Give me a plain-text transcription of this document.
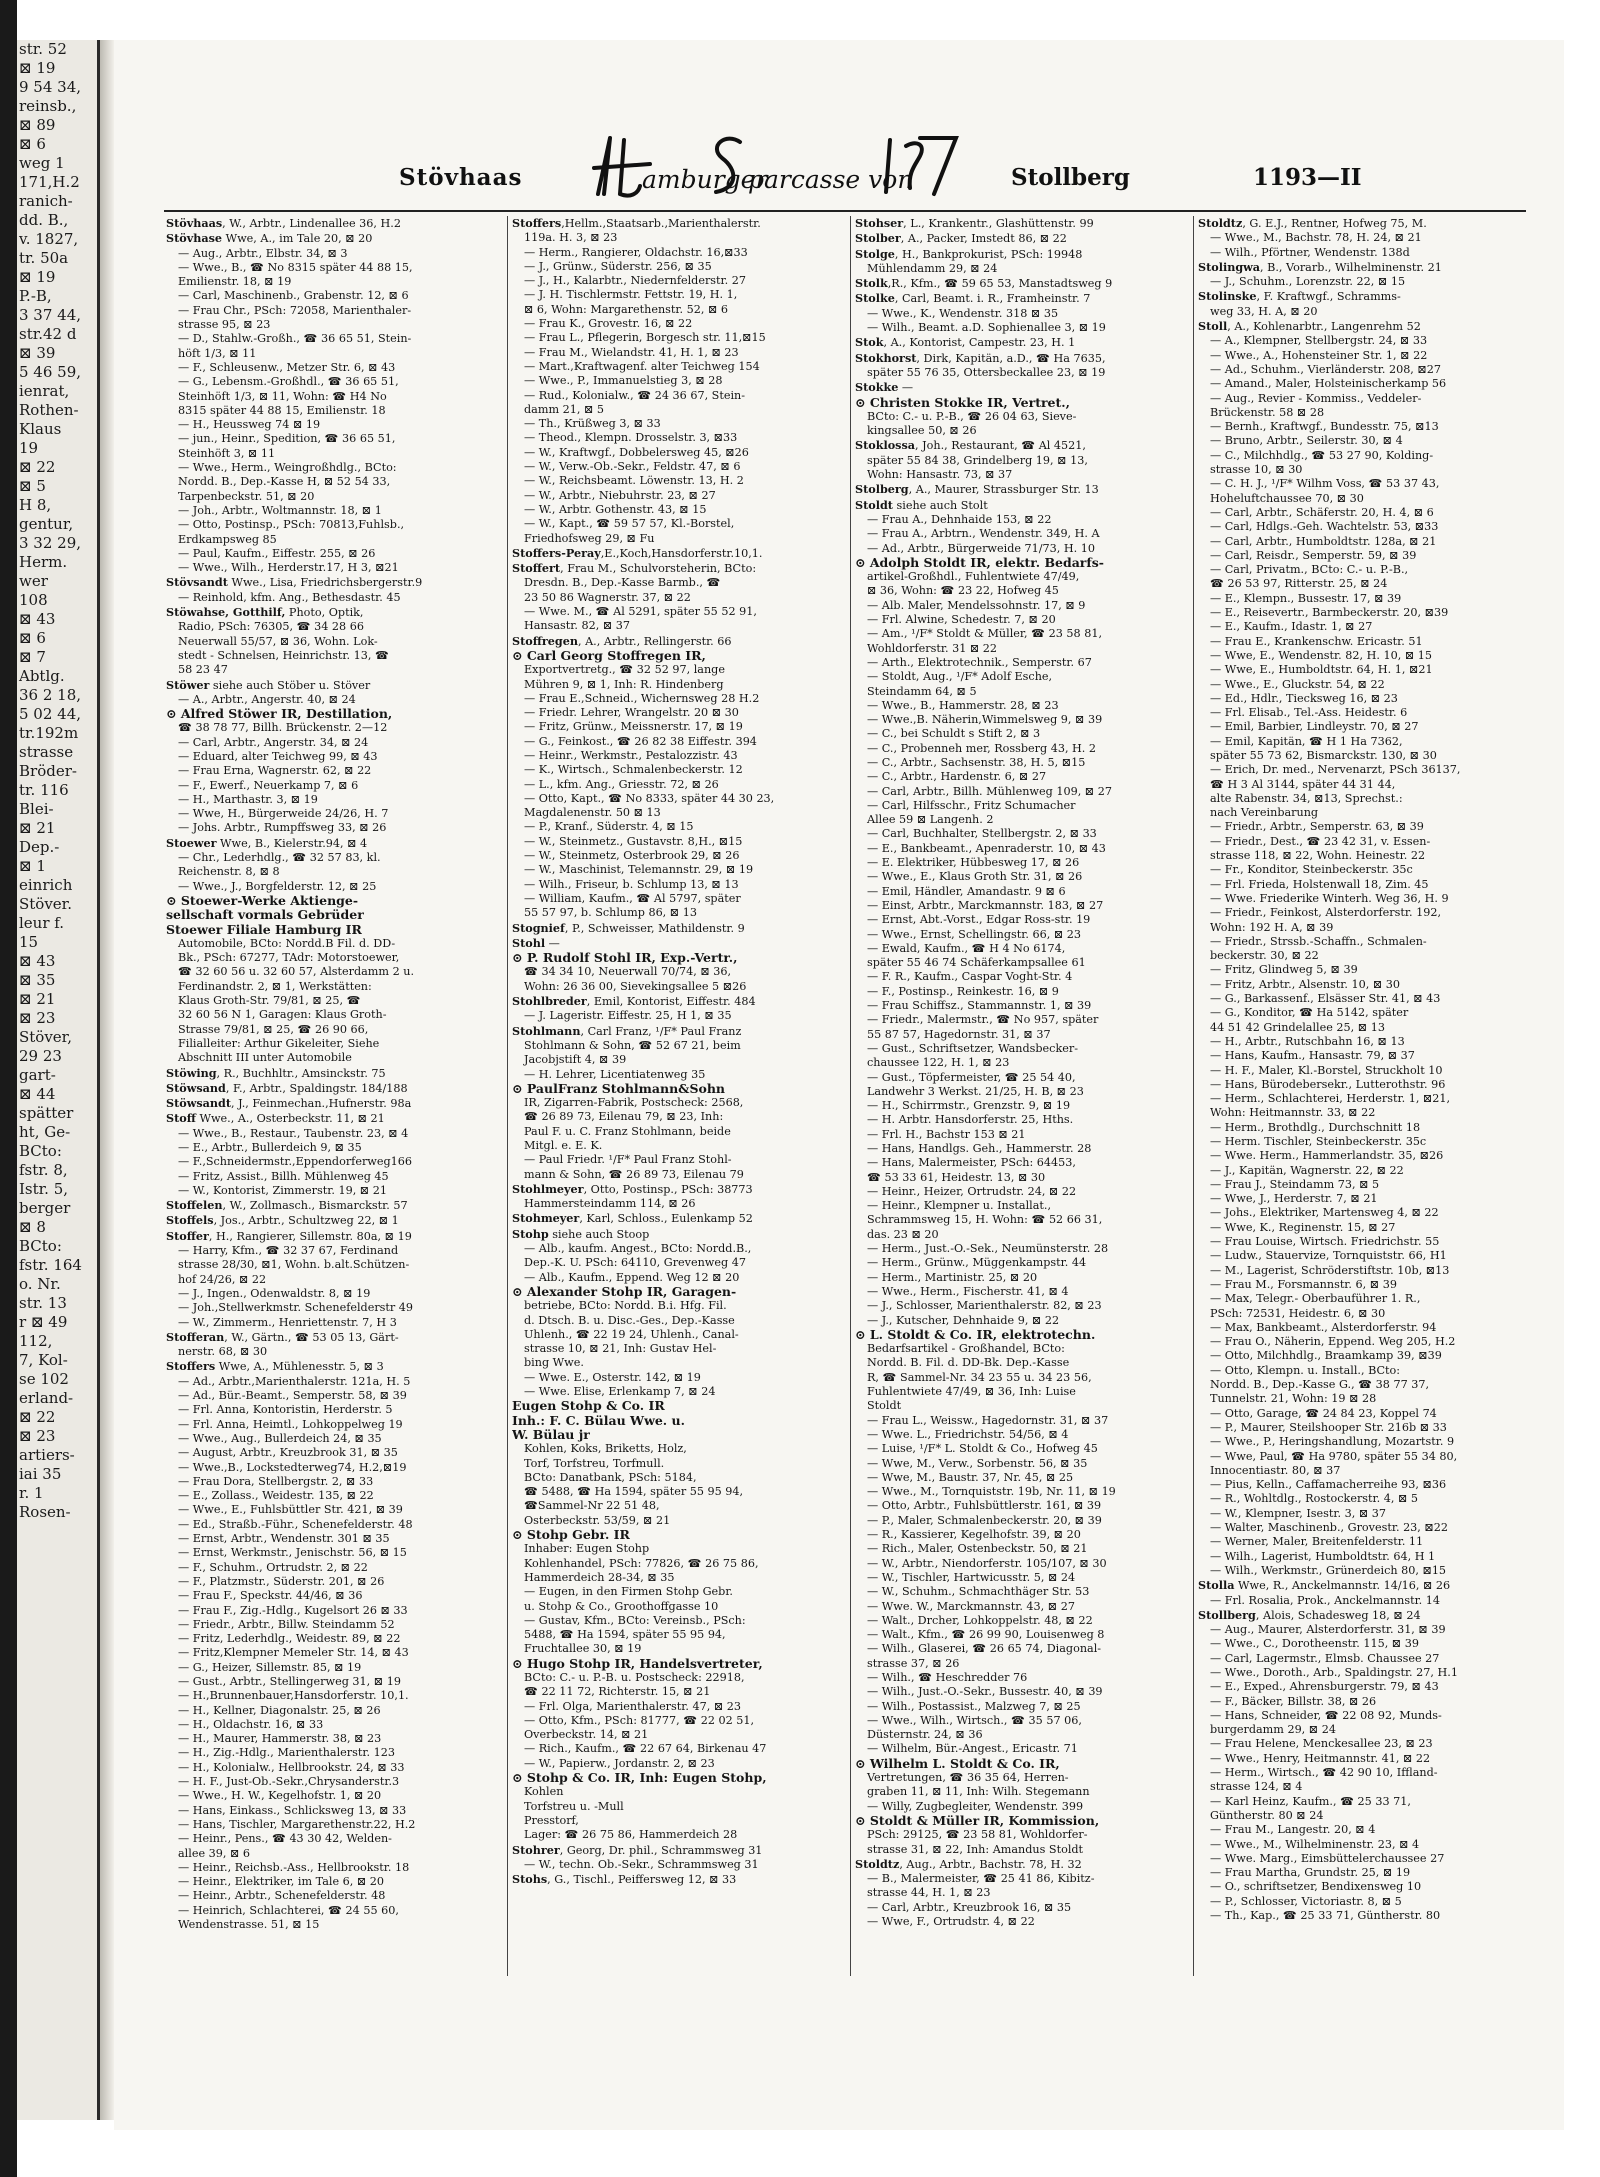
str. 52
⊠ 19
9 54 34,
reinsb.,
⊠ 89
⊠ 6
weg 1
171,H.2
ranich-
dd. B.,
v. 1827,
tr. 50a
⊠ 19
P.-B,
3 37 44,
str.42 d
⊠ 39
5 46 59,
ienrat,
Rothen-
Klaus
19
⊠ 22
⊠ 5
H 8,
gentur,
3 32 29,
Herm.
wer
108
⊠ 43
⊠ 6
⊠ 7
Abtlg.
36 2 18,
5 02 44,
tr.192m
strasse
Bröder-
tr. 116
Blei-
⊠ 21
Dep.-
⊠ 1
einrich
Stöver.
leur f.
15
⊠ 43
⊠ 35
⊠ 21
⊠ 23
Stöver,
29 23
gart-
⊠ 44
spätter
ht, Ge-
BCto:
fstr. 8,
Istr. 5,
berger
⊠ 8
BCto:
fstr. 164
o. Nr.
str. 13
r ⊠ 49
112,
7, Kol-
se 102
erland-
⊠ 22
⊠ 23
artiers-
iai 35
r. 1
Rosen-
Stövhaas	amburger
parcasse von	Stollberg	1193—II
Stövhaas, W., Arbtr., Lindenallee 36, H.2
Stövhase Wwe, A., im Tale 20, ⊠ 20
— Aug., Arbtr., Elbstr. 34, ⊠ 3
— Wwe., B., ☎ No 8315 später 44 88 15,
Emilienstr. 18, ⊠ 19
— Carl, Maschinenb., Grabenstr. 12, ⊠ 6
— Frau Chr., PSch: 72058, Marienthaler-
strasse 95, ⊠ 23
— D., Stahlw.-Großh., ☎ 36 65 51, Stein-
höft 1/3, ⊠ 11
— F., Schleusenw., Metzer Str. 6, ⊠ 43
— G., Lebensm.-Großhdl., ☎ 36 65 51,
Steinhöft 1/3, ⊠ 11, Wohn: ☎ H4 No
8315 später 44 88 15, Emilienstr. 18
— H., Heussweg 74 ⊠ 19
— jun., Heinr., Spedition, ☎ 36 65 51,
Steinhöft 3, ⊠ 11
— Wwe., Herm., Weingroßhdlg., BCto:
Nordd. B., Dep.-Kasse H, ⊠ 52 54 33,
Tarpenbeckstr. 51, ⊠ 20
— Joh., Arbtr., Woltmannstr. 18, ⊠ 1
— Otto, Postinsp., PSch: 70813,Fuhlsb.,
Erdkampsweg 85
— Paul, Kaufm., Eiffestr. 255, ⊠ 26
— Wwe., Wilh., Herderstr.17, H 3, ⊠21
Stövsandt Wwe., Lisa, Friedrichsbergerstr.9
— Reinhold, kfm. Ang., Bethesdastr. 45
Stöwahse, Gotthilf, Photo, Optik,
Radio, PSch: 76305, ☎ 34 28 66
Neuerwall 55/57, ⊠ 36, Wohn. Lok-
stedt - Schnelsen, Heinrichstr. 13, ☎
58 23 47
Stöwer siehe auch Stöber u. Stöver
— A., Arbtr., Angerstr. 40, ⊠ 24
⊙ Alfred Stöwer IR, Destillation,
☎ 38 78 77, Billh. Brückenstr. 2—12
— Carl, Arbtr., Angerstr. 34, ⊠ 24
— Eduard, alter Teichweg 99, ⊠ 43
— Frau Erna, Wagnerstr. 62, ⊠ 22
— F., Ewerf., Neuerkamp 7, ⊠ 6
— H., Marthastr. 3, ⊠ 19
— Wwe, H., Bürgerweide 24/26, H. 7
— Johs. Arbtr., Rumpffsweg 33, ⊠ 26
Stoewer Wwe, B., Kielerstr.94, ⊠ 4
— Chr., Lederhdlg., ☎ 32 57 83, kl.
Reichenstr. 8, ⊠ 8
— Wwe., J., Borgfelderstr. 12, ⊠ 25
⊙ Stoewer-Werke Aktienge-
sellschaft vormals Gebrüder
Stoewer Filiale Hamburg IR
Automobile, BCto: Nordd.B Fil. d. DD-
Bk., PSch: 67277, TAdr: Motorstoewer,
☎ 32 60 56 u. 32 60 57, Alsterdamm 2 u.
Ferdinandstr. 2, ⊠ 1, Werkstätten:
Klaus Groth-Str. 79/81, ⊠ 25, ☎
32 60 56 N 1, Garagen: Klaus Groth-
Strasse 79/81, ⊠ 25, ☎ 26 90 66,
Filialleiter: Arthur Gikeleiter, Siehe
Abschnitt III unter Automobile
Stöwing, R., Buchhltr., Amsinckstr. 75
Stöwsand, F., Arbtr., Spaldingstr. 184/188
Stöwsandt, J., Feinmechan.,Hufnerstr. 98a
Stoff Wwe., A., Osterbeckstr. 11, ⊠ 21
— Wwe., B., Restaur., Taubenstr. 23, ⊠ 4
— E., Arbtr., Bullerdeich 9, ⊠ 35
— F.,Schneidermstr.,Eppendorferweg166
— Fritz, Assist., Billh. Mühlenweg 45
— W., Kontorist, Zimmerstr. 19, ⊠ 21
Stoffelen, W., Zollmasch., Bismarckstr. 57
Stoffels, Jos., Arbtr., Schultzweg 22, ⊠ 1
Stoffer, H., Rangierer, Sillemstr. 80a, ⊠ 19
— Harry, Kfm., ☎ 32 37 67, Ferdinand
strasse 28/30, ⊠1, Wohn. b.alt.Schützen-
hof 24/26, ⊠ 22
— J., Ingen., Odenwaldstr. 8, ⊠ 19
— Joh.,Stellwerkmstr. Schenefelderstr 49
— W., Zimmerm., Henriettenstr. 7, H 3
Stofferan, W., Gärtn., ☎ 53 05 13, Gärt-
nerstr. 68, ⊠ 30
Stoffers Wwe, A., Mühlenesstr. 5, ⊠ 3
— Ad., Arbtr.,Marienthalerstr. 121a, H. 5
— Ad., Bür.-Beamt., Semperstr. 58, ⊠ 39
— Frl. Anna, Kontoristin, Herderstr. 5
— Frl. Anna, Heimtl., Lohkoppelweg 19
— Wwe., Aug., Bullerdeich 24, ⊠ 35
— August, Arbtr., Kreuzbrook 31, ⊠ 35
— Wwe.,B., Lockstedterweg74, H.2,⊠19
— Frau Dora, Stellbergstr. 2, ⊠ 33
— E., Zollass., Weidestr. 135, ⊠ 22
— Wwe., E., Fuhlsbüttler Str. 421, ⊠ 39
— Ed., Straßb.-Führ., Schenefelderstr. 48
— Ernst, Arbtr., Wendenstr. 301 ⊠ 35
— Ernst, Werkmstr., Jenischstr. 56, ⊠ 15
— F., Schuhm., Ortrudstr. 2, ⊠ 22
— F., Platzmstr., Süderstr. 201, ⊠ 26
— Frau F., Speckstr. 44/46, ⊠ 36
— Frau F., Zig.-Hdlg., Kugelsort 26 ⊠ 33
— Friedr., Arbtr., Billw. Steindamm 52
— Fritz, Lederhdlg., Weidestr. 89, ⊠ 22
— Fritz,Klempner Memeler Str. 14, ⊠ 43
— G., Heizer, Sillemstr. 85, ⊠ 19
— Gust., Arbtr., Stellingerweg 31, ⊠ 19
— H.,Brunnenbauer,Hansdorferstr. 10,1.
— H., Kellner, Diagonalstr. 25, ⊠ 26
— H., Oldachstr. 16, ⊠ 33
— H., Maurer, Hammerstr. 38, ⊠ 23
— H., Zig.-Hdlg., Marienthalerstr. 123
— H., Kolonialw., Hellbrookstr. 24, ⊠ 33
— H. F., Just-Ob.-Sekr.,Chrysanderstr.3
— Wwe., H. W., Kegelhofstr. 1, ⊠ 20
— Hans, Einkass., Schlicksweg 13, ⊠ 33
— Hans, Tischler, Margarethenstr.22, H.2
— Heinr., Pens., ☎ 43 30 42, Welden-
allee 39, ⊠ 6
— Heinr., Reichsb.-Ass., Hellbrookstr. 18
— Heinr., Elektriker, im Tale 6, ⊠ 20
— Heinr., Arbtr., Schenefelderstr. 48
— Heinrich, Schlachterei, ☎ 24 55 60,
Wendenstrasse. 51, ⊠ 15
Stoffers,Hellm.,Staatsarb.,Marienthalerstr.
119a. H. 3, ⊠ 23
— Herm., Rangierer, Oldachstr. 16,⊠33
— J., Grünw., Süderstr. 256, ⊠ 35
— J., H., Kalarbtr., Niedernfelderstr. 27
— J. H. Tischlermstr. Fettstr. 19, H. 1,
⊠ 6, Wohn: Margarethenstr. 52, ⊠ 6
— Frau K., Grovestr. 16, ⊠ 22
— Frau L., Pflegerin, Borgesch str. 11,⊠15
— Frau M., Wielandstr. 41, H. 1, ⊠ 23
— Mart.,Kraftwagenf. alter Teichweg 154
— Wwe., P., Immanuelstieg 3, ⊠ 28
— Rud., Kolonialw., ☎ 24 36 67, Stein-
damm 21, ⊠ 5
— Th., Krüßweg 3, ⊠ 33
— Theod., Klempn. Drosselstr. 3, ⊠33
— W., Kraftwgf., Dobbelersweg 45, ⊠26
— W., Verw.-Ob.-Sekr., Feldstr. 47, ⊠ 6
— W., Reichsbeamt. Löwenstr. 13, H. 2
— W., Arbtr., Niebuhrstr. 23, ⊠ 27
— W., Arbtr. Gothenstr. 43, ⊠ 15
— W., Kapt., ☎ 59 57 57, Kl.-Borstel,
Friedhofsweg 29, ⊠ Fu
Stoffers-Peray,E.,Koch,Hansdorferstr.10,1.
Stoffert, Frau M., Schulvorsteherin, BCto:
Dresdn. B., Dep.-Kasse Barmb., ☎
23 50 86 Wagnerstr. 37, ⊠ 22
— Wwe. M., ☎ Al 5291, später 55 52 91,
Hansastr. 82, ⊠ 37
Stoffregen, A., Arbtr., Rellingerstr. 66
⊙ Carl Georg Stoffregen IR,
Exportvertretg., ☎ 32 52 97, lange
Mühren 9, ⊠ 1, Inh: R. Hindenberg
— Frau E.,Schneid., Wichernsweg 28 H.2
— Friedr. Lehrer, Wrangelstr. 20 ⊠ 30
— Fritz, Grünw., Meissnerstr. 17, ⊠ 19
— G., Feinkost., ☎ 26 82 38 Eiffestr. 394
— Heinr., Werkmstr., Pestalozzistr. 43
— K., Wirtsch., Schmalenbeckerstr. 12
— L., kfm. Ang., Griesstr. 72, ⊠ 26
— Otto, Kapt., ☎ No 8333, später 44 30 23,
Magdalenenstr. 50 ⊠ 13
— P., Kranf., Süderstr. 4, ⊠ 15
— W., Steinmetz., Gustavstr. 8,H., ⊠15
— W., Steinmetz, Osterbrook 29, ⊠ 26
— W., Maschinist, Telemannstr. 29, ⊠ 19
— Wilh., Friseur, b. Schlump 13, ⊠ 13
— William, Kaufm., ☎ Al 5797, später
55 57 97, b. Schlump 86, ⊠ 13
Stognief, P., Schweisser, Mathildenstr. 9
Stohl —
⊙ P. Rudolf Stohl IR, Exp.-Vertr.,
☎ 34 34 10, Neuerwall 70/74, ⊠ 36,
Wohn: 26 36 00, Sievekingsallee 5 ⊠26
Stohlbreder, Emil, Kontorist, Eiffestr. 484
— J. Lageristr. Eiffestr. 25, H 1, ⊠ 35
Stohlmann, Carl Franz, ¹/F* Paul Franz
Stohlmann & Sohn, ☎ 52 67 21, beim
Jacobjstift 4, ⊠ 39
— H. Lehrer, Licentiatenweg 35
⊙ PaulFranz Stohlmann&Sohn
IR, Zigarren-Fabrik, Postscheck: 2568,
☎ 26 89 73, Eilenau 79, ⊠ 23, Inh:
Paul F. u. C. Franz Stohlmann, beide
Mitgl. e. E. K.
— Paul Friedr. ¹/F* Paul Franz Stohl-
mann & Sohn, ☎ 26 89 73, Eilenau 79
Stohlmeyer, Otto, Postinsp., PSch: 38773
Hammersteindamm 114, ⊠ 26
Stohmeyer, Karl, Schloss., Eulenkamp 52
Stohp siehe auch Stoop
— Alb., kaufm. Angest., BCto: Nordd.B.,
Dep.-K. U. PSch: 64110, Grevenweg 47
— Alb., Kaufm., Eppend. Weg 12 ⊠ 20
⊙ Alexander Stohp IR, Garagen-
betriebe, BCto: Nordd. B.i. Hfg. Fil.
d. Dtsch. B. u. Disc.-Ges., Dep.-Kasse
Uhlenh., ☎ 22 19 24, Uhlenh., Canal-
strasse 10, ⊠ 21, Inh: Gustav Hel-
bing Wwe.
— Wwe. E., Osterstr. 142, ⊠ 19
— Wwe. Elise, Erlenkamp 7, ⊠ 24
Eugen Stohp & Co. IR
Inh.: F. C. Bülau Wwe. u.
W. Bülau jr
Kohlen, Koks, Briketts, Holz,
Torf, Torfstreu, Torfmull.
BCto: Danatbank, PSch: 5184,
☎ 5488, ☎ Ha 1594, später 55 95 94,
☎Sammel-Nr 22 51 48,
Osterbeckstr. 53/59, ⊠ 21
⊙ Stohp Gebr. IR
Inhaber: Eugen Stohp
Kohlenhandel, PSch: 77826, ☎ 26 75 86,
Hammerdeich 28-34, ⊠ 35
— Eugen, in den Firmen Stohp Gebr.
u. Stohp & Co., Groothoffgasse 10
— Gustav, Kfm., BCto: Vereinsb., PSch:
5488, ☎ Ha 1594, später 55 95 94,
Fruchtallee 30, ⊠ 19
⊙ Hugo Stohp IR, Handelsvertreter,
BCto: C.- u. P.-B. u. Postscheck: 22918,
☎ 22 11 72, Richterstr. 15, ⊠ 21
— Frl. Olga, Marienthalerstr. 47, ⊠ 23
— Otto, Kfm., PSch: 81777, ☎ 22 02 51,
Overbeckstr. 14, ⊠ 21
— Rich., Kaufm., ☎ 22 67 64, Birkenau 47
— W., Papierw., Jordanstr. 2, ⊠ 23
⊙ Stohp & Co. IR, Inh: Eugen Stohp,
Kohlen
Torfstreu u. -Mull
Presstorf,
Lager: ☎ 26 75 86, Hammerdeich 28
Stohrer, Georg, Dr. phil., Schrammsweg 31
— W., techn. Ob.-Sekr., Schrammsweg 31
Stohs, G., Tischl., Peiffersweg 12, ⊠ 33
Stohser, L., Krankentr., Glashüttenstr. 99
Stolber, A., Packer, Imstedt 86, ⊠ 22
Stolge, H., Bankprokurist, PSch: 19948
Mühlendamm 29, ⊠ 24
Stolk,R., Kfm., ☎ 59 65 53, Manstadtsweg 9
Stolke, Carl, Beamt. i. R., Framheinstr. 7
— Wwe., K., Wendenstr. 318 ⊠ 35
— Wilh., Beamt. a.D. Sophienallee 3, ⊠ 19
Stok, A., Kontorist, Campestr. 23, H. 1
Stokhorst, Dirk, Kapitän, a.D., ☎ Ha 7635,
später 55 76 35, Ottersbeckallee 23, ⊠ 19
Stokke —
⊙ Christen Stokke IR, Vertret.,
BCto: C.- u. P.-B., ☎ 26 04 63, Sieve-
kingsallee 50, ⊠ 26
Stoklossa, Joh., Restaurant, ☎ Al 4521,
später 55 84 38, Grindelberg 19, ⊠ 13,
Wohn: Hansastr. 73, ⊠ 37
Stolberg, A., Maurer, Strassburger Str. 13
Stoldt siehe auch Stolt
— Frau A., Dehnhaide 153, ⊠ 22
— Frau A., Arbtrn., Wendenstr. 349, H. A
— Ad., Arbtr., Bürgerweide 71/73, H. 10
⊙ Adolph Stoldt IR, elektr. Bedarfs-
artikel-Großhdl., Fuhlentwiete 47/49,
⊠ 36, Wohn: ☎ 23 22, Hofweg 45
— Alb. Maler, Mendelssohnstr. 17, ⊠ 9
— Frl. Alwine, Schedestr. 7, ⊠ 20
— Am., ¹/F* Stoldt & Müller, ☎ 23 58 81,
Wohldorferstr. 31 ⊠ 22
— Arth., Elektrotechnik., Semperstr. 67
— Stoldt, Aug., ¹/F* Adolf Esche,
Steindamm 64, ⊠ 5
— Wwe., B., Hammerstr. 28, ⊠ 23
— Wwe.,B. Näherin,Wimmelsweg 9, ⊠ 39
— C., bei Schuldt s Stift 2, ⊠ 3
— C., Probenneh mer, Rossberg 43, H. 2
— C., Arbtr., Sachsenstr. 38, H. 5, ⊠15
— C., Arbtr., Hardenstr. 6, ⊠ 27
— Carl, Arbtr., Billh. Mühlenweg 109, ⊠ 27
— Carl, Hilfsschr., Fritz Schumacher
Allee 59 ⊠ Langenh. 2
— Carl, Buchhalter, Stellbergstr. 2, ⊠ 33
— E., Bankbeamt., Apenraderstr. 10, ⊠ 43
— E. Elektriker, Hübbesweg 17, ⊠ 26
— Wwe., E., Klaus Groth Str. 31, ⊠ 26
— Emil, Händler, Amandastr. 9 ⊠ 6
— Einst, Arbtr., Marckmannstr. 183, ⊠ 27
— Ernst, Abt.-Vorst., Edgar Ross-str. 19
— Wwe., Ernst, Schellingstr. 66, ⊠ 23
— Ewald, Kaufm., ☎ H 4 No 6174,
später 55 46 74 Schäferkampsallee 61
— F. R., Kaufm., Caspar Voght-Str. 4
— F., Postinsp., Reinkestr. 16, ⊠ 9
— Frau Schiffsz., Stammannstr. 1, ⊠ 39
— Friedr., Malermstr., ☎ No 957, später
55 87 57, Hagedornstr. 31, ⊠ 37
— Gust., Schriftsetzer, Wandsbecker-
chaussee 122, H. 1, ⊠ 23
— Gust., Töpfermeister, ☎ 25 54 40,
Landwehr 3 Werkst. 21/25, H. B, ⊠ 23
— H., Schirrmstr., Grenzstr. 9, ⊠ 19
— H. Arbtr. Hansdorferstr. 25, Hths.
— Frl. H., Bachstr 153 ⊠ 21
— Hans, Handlgs. Geh., Hammerstr. 28
— Hans, Malermeister, PSch: 64453,
☎ 53 33 61, Heidestr. 13, ⊠ 30
— Heinr., Heizer, Ortrudstr. 24, ⊠ 22
— Heinr., Klempner u. Installat.,
Schrammsweg 15, H. Wohn: ☎ 52 66 31,
das. 23 ⊠ 20
— Herm., Just.-O.-Sek., Neumünsterstr. 28
— Herm., Grünw., Müggenkampstr. 44
— Herm., Martinistr. 25, ⊠ 20
— Wwe., Herm., Fischerstr. 41, ⊠ 4
— J., Schlosser, Marienthalerstr. 82, ⊠ 23
— J., Kutscher, Dehnhaide 9, ⊠ 22
⊙ L. Stoldt & Co. IR, elektrotechn.
Bedarfsartikel - Großhandel, BCto:
Nordd. B. Fil. d. DD-Bk. Dep.-Kasse
R, ☎ Sammel-Nr. 34 23 55 u. 34 23 56,
Fuhlentwiete 47/49, ⊠ 36, Inh: Luise
Stoldt
— Frau L., Weissw., Hagedornstr. 31, ⊠ 37
— Wwe. L., Friedrichstr. 54/56, ⊠ 4
— Luise, ¹/F* L. Stoldt & Co., Hofweg 45
— Wwe, M., Verw., Sorbenstr. 56, ⊠ 35
— Wwe, M., Baustr. 37, Nr. 45, ⊠ 25
— Wwe., M., Tornquiststr. 19b, Nr. 11, ⊠ 19
— Otto, Arbtr., Fuhlsbüttlerstr. 161, ⊠ 39
— P., Maler, Schmalenbeckerstr. 20, ⊠ 39
— R., Kassierer, Kegelhofstr. 39, ⊠ 20
— Rich., Maler, Ostenbeckstr. 50, ⊠ 21
— W., Arbtr., Niendorferstr. 105/107, ⊠ 30
— W., Tischler, Hartwicusstr. 5, ⊠ 24
— W., Schuhm., Schmachthäger Str. 53
— Wwe. W., Marckmannstr. 43, ⊠ 27
— Walt., Drcher, Lohkoppelstr. 48, ⊠ 22
— Walt., Kfm., ☎ 26 99 90, Louisenweg 8
— Wilh., Glaserei, ☎ 26 65 74, Diagonal-
strasse 37, ⊠ 26
— Wilh., ☎ Heschredder 76
— Wilh., Just.-O.-Sekr., Bussestr. 40, ⊠ 39
— Wilh., Postassist., Malzweg 7, ⊠ 25
— Wwe., Wilh., Wirtsch., ☎ 35 57 06,
Düsternstr. 24, ⊠ 36
— Wilhelm, Bür.-Angest., Ericastr. 71
⊙ Wilhelm L. Stoldt & Co. IR,
Vertretungen, ☎ 36 35 64, Herren-
graben 11, ⊠ 11, Inh: Wilh. Stegemann
— Willy, Zugbegleiter, Wendenstr. 399
⊙ Stoldt & Müller IR, Kommission,
PSch: 29125, ☎ 23 58 81, Wohldorfer-
strasse 31, ⊠ 22, Inh: Amandus Stoldt
Stoldtz, Aug., Arbtr., Bachstr. 78, H. 32
— B., Malermeister, ☎ 25 41 86, Kibitz-
strasse 44, H. 1, ⊠ 23
— Carl, Arbtr., Kreuzbrook 16, ⊠ 35
— Wwe, F., Ortrudstr. 4, ⊠ 22
Stoldtz, G. E.J., Rentner, Hofweg 75, M.
— Wwe., M., Bachstr. 78, H. 24, ⊠ 21
— Wilh., Pförtner, Wendenstr. 138d
Stolingwa, B., Vorarb., Wilhelminenstr. 21
— J., Schuhm., Lorenzstr. 22, ⊠ 15
Stolinske, F. Kraftwgf., Schramms-
weg 33, H. A, ⊠ 20
Stoll, A., Kohlenarbtr., Langenrehm 52
— A., Klempner, Stellbergstr. 24, ⊠ 33
— Wwe., A., Hohensteiner Str. 1, ⊠ 22
— Ad., Schuhm., Vierländerstr. 208, ⊠27
— Amand., Maler, Holsteinischerkamp 56
— Aug., Revier - Kommiss., Veddeler-
Brückenstr. 58 ⊠ 28
— Bernh., Kraftwgf., Bundesstr. 75, ⊠13
— Bruno, Arbtr., Seilerstr. 30, ⊠ 4
— C., Milchhdlg., ☎ 53 27 90, Kolding-
strasse 10, ⊠ 30
— C. H. J., ¹/F* Wilhm Voss, ☎ 53 37 43,
Hoheluftchaussee 70, ⊠ 30
— Carl, Arbtr., Schäferstr. 20, H. 4, ⊠ 6
— Carl, Hdlgs.-Geh. Wachtelstr. 53, ⊠33
— Carl, Arbtr., Humboldtstr. 128a, ⊠ 21
— Carl, Reisdr., Semperstr. 59, ⊠ 39
— Carl, Privatm., BCto: C.- u. P.-B.,
☎ 26 53 97, Ritterstr. 25, ⊠ 24
— E., Klempn., Bussestr. 17, ⊠ 39
— E., Reisevertr., Barmbeckerstr. 20, ⊠39
— E., Kaufm., Idastr. 1, ⊠ 27
— Frau E., Krankenschw. Ericastr. 51
— Wwe, E., Wendenstr. 82, H. 10, ⊠ 15
— Wwe, E., Humboldtstr. 64, H. 1, ⊠21
— Wwe., E., Gluckstr. 54, ⊠ 22
— Ed., Hdlr., Tiecksweg 16, ⊠ 23
— Frl. Elisab., Tel.-Ass. Heidestr. 6
— Emil, Barbier, Lindleystr. 70, ⊠ 27
— Emil, Kapitän, ☎ H 1 Ha 7362,
später 55 73 62, Bismarckstr. 130, ⊠ 30
— Erich, Dr. med., Nervenarzt, PSch 36137,
☎ H 3 Al 3144, später 44 31 44,
alte Rabenstr. 34, ⊠13, Sprechst.:
nach Vereinbarung
— Friedr., Arbtr., Semperstr. 63, ⊠ 39
— Friedr., Dest., ☎ 23 42 31, v. Essen-
strasse 118, ⊠ 22, Wohn. Heinestr. 22
— Fr., Konditor, Steinbeckerstr. 35c
— Frl. Frieda, Holstenwall 18, Zim. 45
— Wwe. Friederike Winterh. Weg 36, H. 9
— Friedr., Feinkost, Alsterdorferstr. 192,
Wohn: 192 H. A, ⊠ 39
— Friedr., Strssb.-Schaffn., Schmalen-
beckerstr. 30, ⊠ 22
— Fritz, Glindweg 5, ⊠ 39
— Fritz, Arbtr., Alsenstr. 10, ⊠ 30
— G., Barkassenf., Elsässer Str. 41, ⊠ 43
— G., Konditor, ☎ Ha 5142, später
44 51 42 Grindelallee 25, ⊠ 13
— H., Arbtr., Rutschbahn 16, ⊠ 13
— Hans, Kaufm., Hansastr. 79, ⊠ 37
— H. F., Maler, Kl.-Borstel, Struckholt 10
— Hans, Bürodebersekr., Lutterothstr. 96
— Herm., Schlachterei, Herderstr. 1, ⊠21,
Wohn: Heitmannstr. 33, ⊠ 22
— Herm., Brothdlg., Durchschnitt 18
— Herm. Tischler, Steinbeckerstr. 35c
— Wwe. Herm., Hammerlandstr. 35, ⊠26
— J., Kapitän, Wagnerstr. 22, ⊠ 22
— Frau J., Steindamm 73, ⊠ 5
— Wwe, J., Herderstr. 7, ⊠ 21
— Johs., Elektriker, Martensweg 4, ⊠ 22
— Wwe, K., Reginenstr. 15, ⊠ 27
— Frau Louise, Wirtsch. Friedrichstr. 55
— Ludw., Stauervize, Tornquiststr. 66, H1
— M., Lagerist, Schröderstiftstr. 10b, ⊠13
— Frau M., Forsmannstr. 6, ⊠ 39
— Max, Telegr.- Oberbauführer 1. R.,
PSch: 72531, Heidestr. 6, ⊠ 30
— Max, Bankbeamt., Alsterdorferstr. 94
— Frau O., Näherin, Eppend. Weg 205, H.2
— Otto, Milchhdlg., Braamkamp 39, ⊠39
— Otto, Klempn. u. Install., BCto:
Nordd. B., Dep.-Kasse G., ☎ 38 77 37,
Tunnelstr. 21, Wohn: 19 ⊠ 28
— Otto, Garage, ☎ 24 84 23, Koppel 74
— P., Maurer, Steilshooper Str. 216b ⊠ 33
— Wwe., P., Heringshandlung, Mozartstr. 9
— Wwe, Paul, ☎ Ha 9780, später 55 34 80,
Innocentiastr. 80, ⊠ 37
— Pius, Kelln., Caffamacherreihe 93, ⊠36
— R., Wohltdlg., Rostockerstr. 4, ⊠ 5
— W., Klempner, Isestr. 3, ⊠ 37
— Walter, Maschinenb., Grovestr. 23, ⊠22
— Werner, Maler, Breitenfelderstr. 11
— Wilh., Lagerist, Humboldtstr. 64, H 1
— Wilh., Werkmstr., Grünerdeich 80, ⊠15
Stolla Wwe, R., Anckelmannstr. 14/16, ⊠ 26
— Frl. Rosalia, Prok., Anckelmannstr. 14
Stollberg, Alois, Schadesweg 18, ⊠ 24
— Aug., Maurer, Alsterdorferstr. 31, ⊠ 39
— Wwe., C., Dorotheenstr. 115, ⊠ 39
— Carl, Lagermstr., Elmsb. Chaussee 27
— Wwe., Doroth., Arb., Spaldingstr. 27, H.1
— E., Exped., Ahrensburgerstr. 79, ⊠ 43
— F., Bäcker, Billstr. 38, ⊠ 26
— Hans, Schneider, ☎ 22 08 92, Munds-
burgerdamm 29, ⊠ 24
— Frau Helene, Menckesallee 23, ⊠ 23
— Wwe., Henry, Heitmannstr. 41, ⊠ 22
— Herm., Wirtsch., ☎ 42 90 10, Iffland-
strasse 124, ⊠ 4
— Karl Heinz, Kaufm., ☎ 25 33 71,
Güntherstr. 80 ⊠ 24
— Frau M., Langestr. 20, ⊠ 4
— Wwe., M., Wilhelminenstr. 23, ⊠ 4
— Wwe. Marg., Eimsbüttelerchaussee 27
— Frau Martha, Grundstr. 25, ⊠ 19
— O., schriftsetzer, Bendixensweg 10
— P., Schlosser, Victoriastr. 8, ⊠ 5
— Th., Kap., ☎ 25 33 71, Güntherstr. 80
